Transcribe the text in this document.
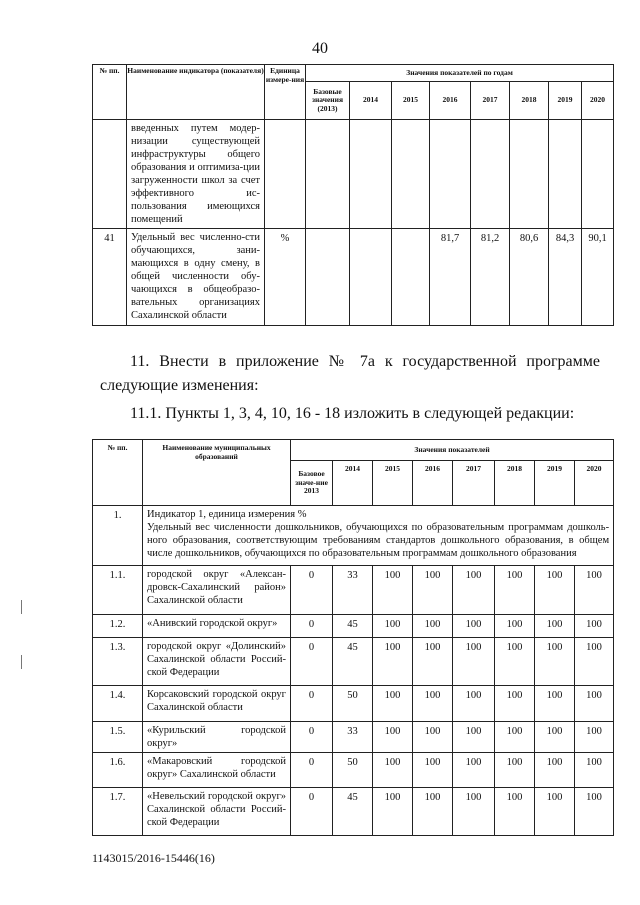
40
№ пп.	Наименование индикатора (показателя)	Единица измере-ния	Значения показателей по годам							
			Базовые значения (2013)	2014	2015	2016	2017	2018	2019	2020
	введенных путем модер-низации существующей инфраструктуры общего образования и оптимиза-ции загруженности школ за счет эффективного ис-пользования имеющихся помещений									
41	Удельный вес численно-сти обучающихся, зани-мающихся в одну смену, в общей численности обу-чающихся в общеобразо-вательных организациях Сахалинской области	%				81,7	81,2	80,6	84,3	90,1
11. Внести в приложение № 7а к государственной программе следующие изменения:
11.1. Пункты 1, 3, 4, 10, 16 - 18 изложить в следующей редакции:
№ пп.	Наименование муниципальных образований	Значения показателей							
		Базовое значе-ние 2013	2014	2015	2016	2017	2018	2019	2020
1.	Индикатор 1, единица измерения %
Удельный вес численности дошкольников, обучающихся по образовательным программам дошколь-ного образования, соответствующим требованиям стандартов дошкольного образования, в общем числе дошкольников, обучающихся по образовательным программам дошкольного образования								

1.1.	городской округ «Алексан-дровск-Сахалинский район» Сахалинской области	0	33	100	100	100	100	100	100
1.2.	«Анивский городской округ»	0	45	100	100	100	100	100	100
1.3.	городской округ «Долинский» Сахалинской области Россий-ской Федерации	0	45	100	100	100	100	100	100
1.4.	Корсаковский городской округ Сахалинской области	0	50	100	100	100	100	100	100
1.5.	«Курильский городской округ»	0	33	100	100	100	100	100	100
1.6.	«Макаровский городской округ» Сахалинской области	0	50	100	100	100	100	100	100
1.7.	«Невельский городской округ» Сахалинской области Россий-ской Федерации	0	45	100	100	100	100	100	100
1143015/2016-15446(16)
